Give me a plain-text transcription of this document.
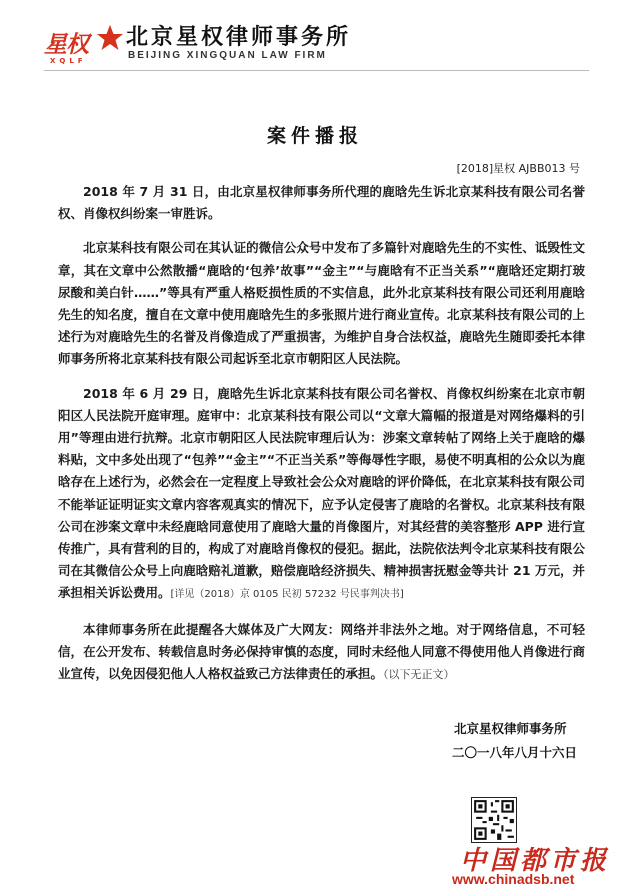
星权
XQLF
北京星权律师事务所
BEIJING XINGQUAN LAW FIRM
案件播报
[2018]星权 AJBB013 号

2018 年 7 月 31 日，由北京星权律师事务所代理的鹿晗先生诉北京某科技有限公司名誉权、肖像权纠纷案一审胜诉。

北京某科技有限公司在其认证的微信公众号中发布了多篇针对鹿晗先生的不实性、诋毁性文章，其在文章中公然散播“鹿晗的‘包养’故事”“金主”“与鹿晗有不正当关系”“鹿晗还定期打玻尿酸和美白针……”等具有严重人格贬损性质的不实信息，此外北京某科技有限公司还利用鹿晗先生的知名度，擅自在文章中使用鹿晗先生的多张照片进行商业宣传。北京某科技有限公司的上述行为对鹿晗先生的名誉及肖像造成了严重损害，为维护自身合法权益，鹿晗先生随即委托本律师事务所将北京某科技有限公司起诉至北京市朝阳区人民法院。

2018 年 6 月 29 日，鹿晗先生诉北京某科技有限公司名誉权、肖像权纠纷案在北京市朝阳区人民法院开庭审理。庭审中：北京某科技有限公司以“文章大篇幅的报道是对网络爆料的引用”等理由进行抗辩。北京市朝阳区人民法院审理后认为：涉案文章转帖了网络上关于鹿晗的爆料贴，文中多处出现了“包养”“金主”“不正当关系”等侮辱性字眼，易使不明真相的公众以为鹿晗存在上述行为，必然会在一定程度上导致社会公众对鹿晗的评价降低，在北京某科技有限公司不能举证证明证实文章内容客观真实的情况下，应予认定侵害了鹿晗的名誉权。北京某科技有限公司在涉案文章中未经鹿晗同意使用了鹿晗大量的肖像图片，对其经营的美容整形 APP 进行宣传推广，具有营利的目的，构成了对鹿晗肖像权的侵犯。据此，法院依法判令北京某科技有限公司在其微信公众号上向鹿晗赔礼道歉，赔偿鹿晗经济损失、精神损害抚慰金等共计 21 万元，并承担相关诉讼费用。[详见（2018）京 0105 民初 57232 号民事判决书]

本律师事务所在此提醒各大媒体及广大网友：网络并非法外之地。对于网络信息，不可轻信，在公开发布、转载信息时务必保持审慎的态度，同时未经他人同意不得使用他人肖像进行商业宣传，以免因侵犯他人人格权益致己方法律责任的承担。（以下无正文）

北京星权律师事务所
二〇一八年八月十六日
中国都市报
www.chinadsb.net
